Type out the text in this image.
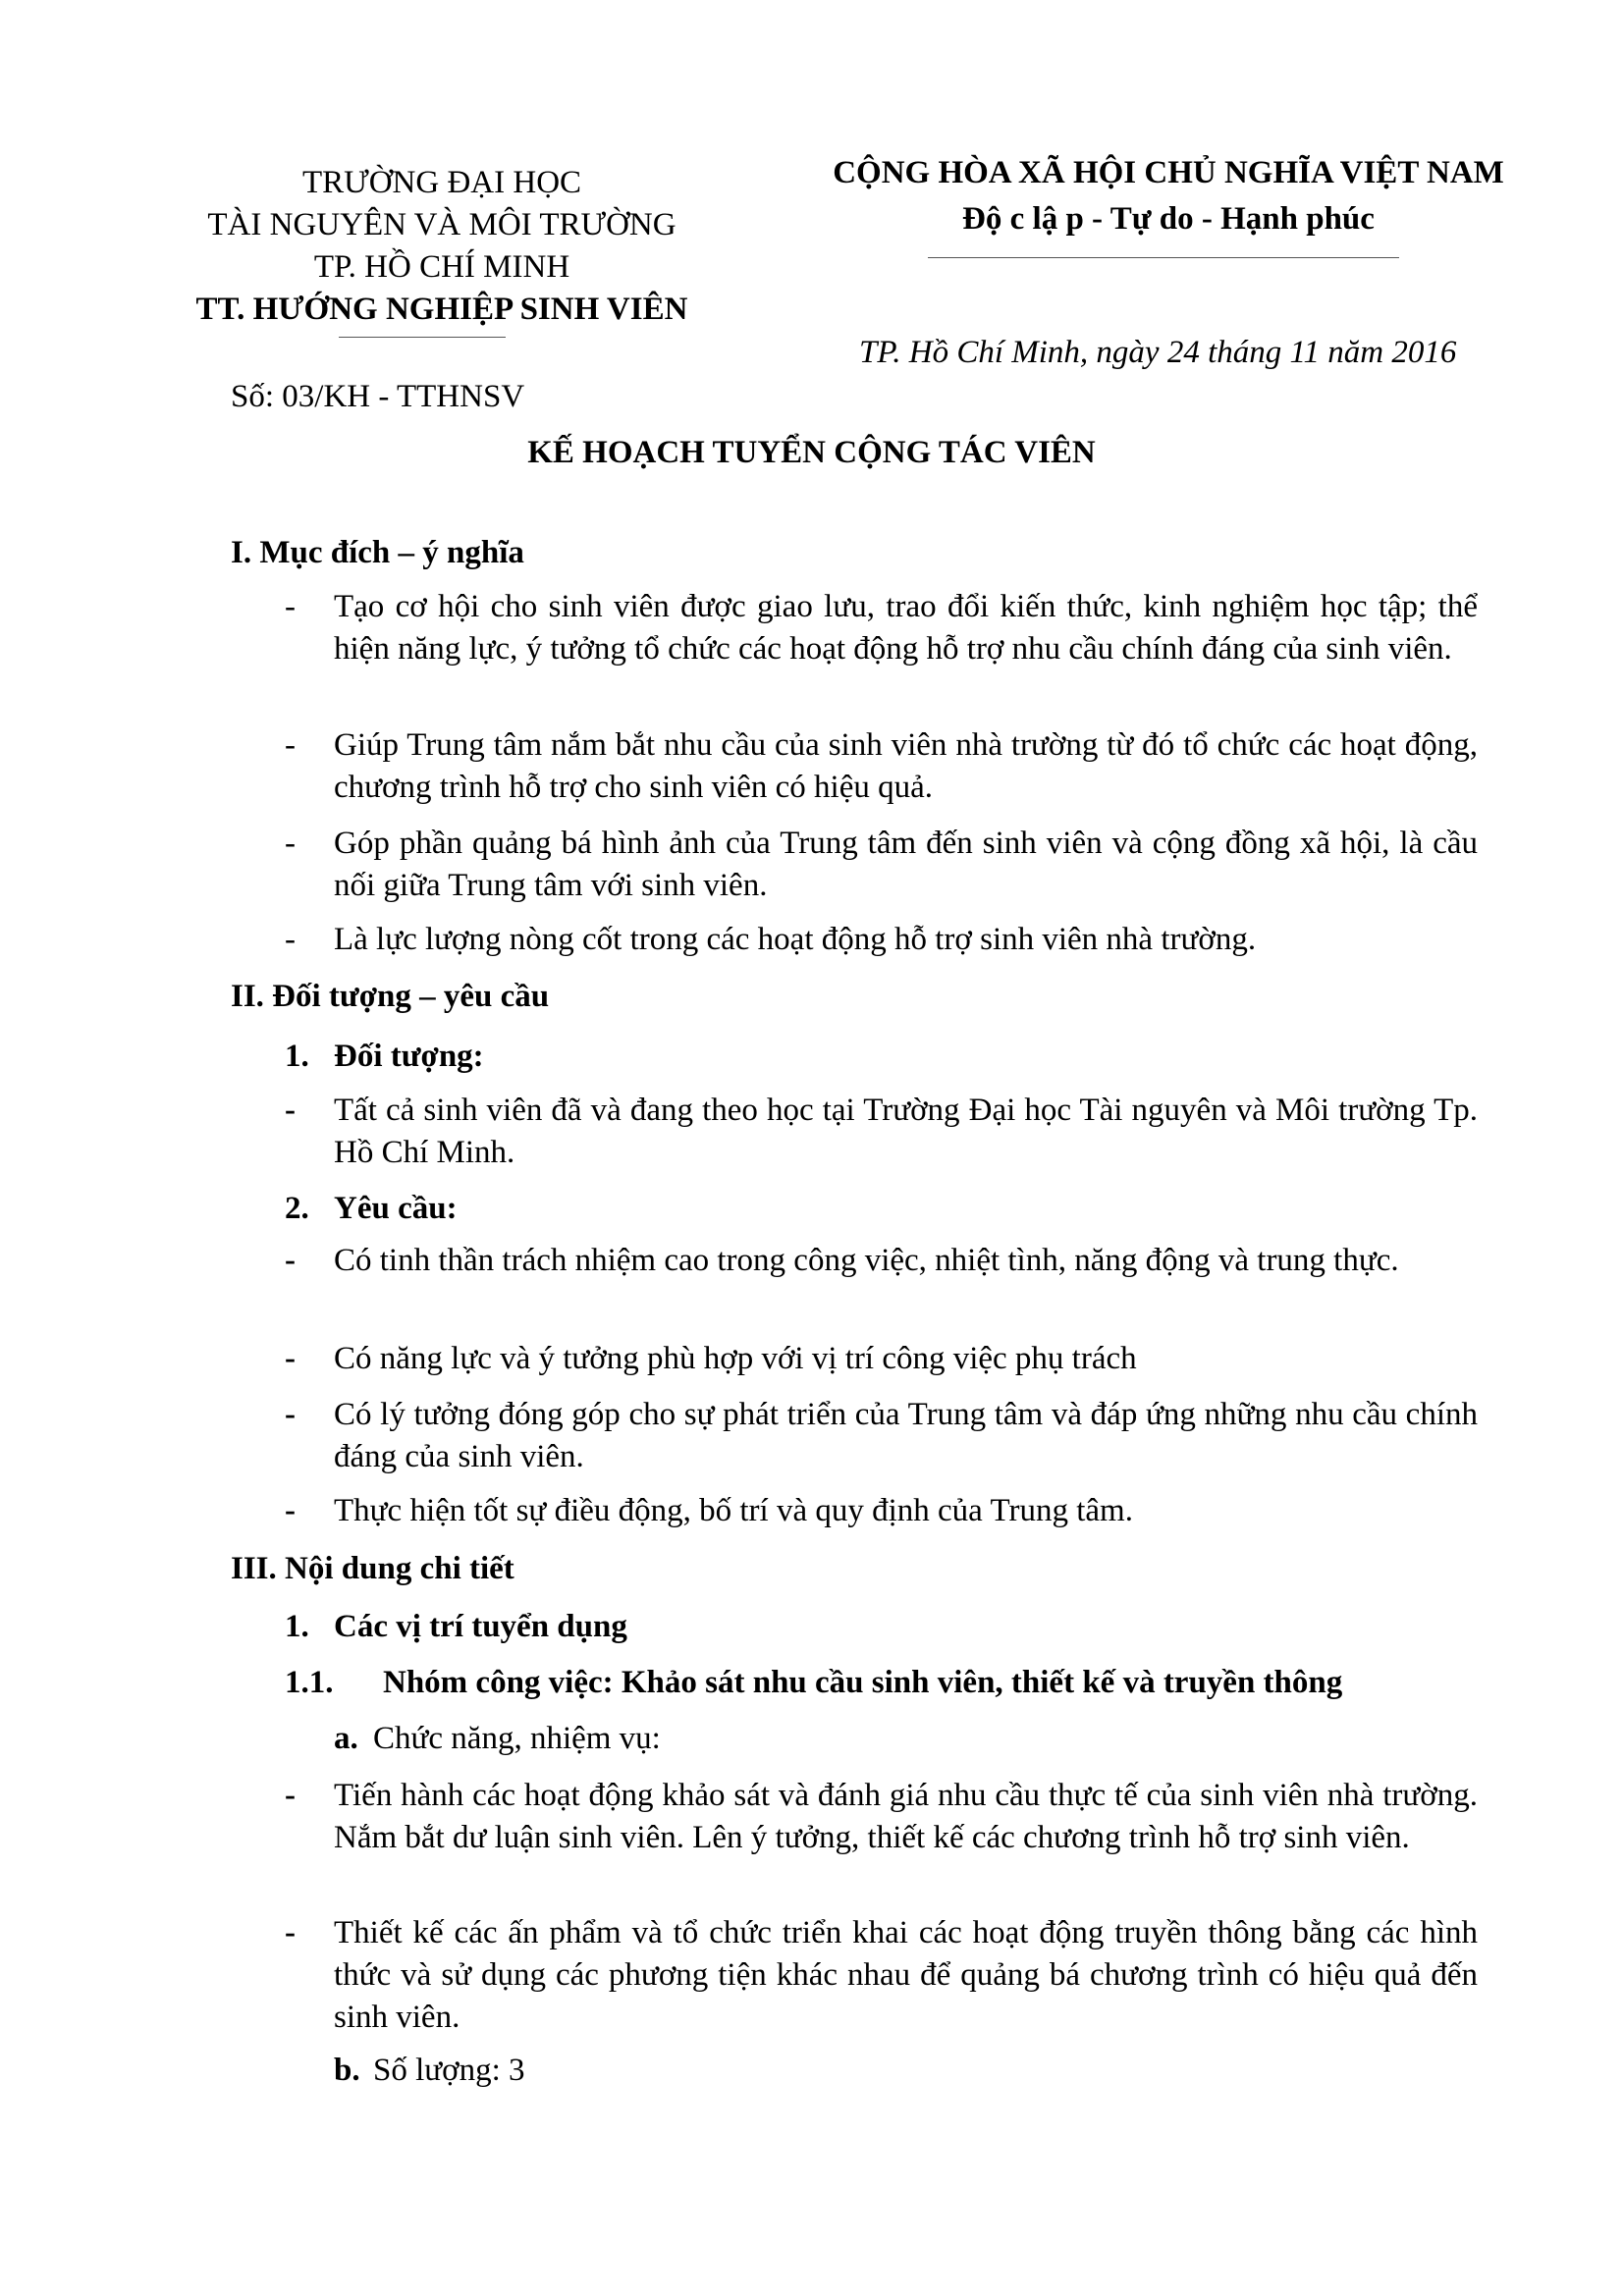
TRƯỜNG ĐẠI HỌC
TÀI NGUYÊN VÀ MÔI TRƯỜNG
TP. HỒ CHÍ MINH
TT. HƯỚNG NGHIỆP SINH VIÊN
CỘNG HÒA XÃ HỘI CHỦ NGHĨA VIỆT NAM
Độ c lậ p - Tự do - Hạnh phúc
TP. Hồ Chí Minh, ngày 24 tháng 11 năm 2016
Số: 03/KH - TTHNSV
KẾ HOẠCH TUYỂN CỘNG TÁC VIÊN
I. Mục đích – ý nghĩa
- Tạo cơ hội cho sinh viên được giao lưu, trao đổi kiến thức, kinh nghiệm học tập; thể hiện năng lực, ý tưởng tổ chức các hoạt động hỗ trợ nhu cầu chính đáng của sinh viên.
- Giúp Trung tâm nắm bắt nhu cầu của sinh viên nhà trường từ đó tổ chức các hoạt động, chương trình hỗ trợ cho sinh viên có hiệu quả.
- Góp phần quảng bá hình ảnh của Trung tâm đến sinh viên và cộng đồng xã hội, là cầu nối giữa Trung tâm với sinh viên.
- Là lực lượng nòng cốt trong các hoạt động hỗ trợ sinh viên nhà trường.
II. Đối tượng – yêu cầu
1. Đối tượng:
- Tất cả sinh viên đã và đang theo học tại Trường Đại học Tài nguyên và Môi trường Tp. Hồ Chí Minh.
2. Yêu cầu:
- Có tinh thần trách nhiệm cao trong công việc, nhiệt tình, năng động và trung thực.
- Có năng lực và ý tưởng phù hợp với vị trí công việc phụ trách
- Có lý tưởng đóng góp cho sự phát triển của Trung tâm và đáp ứng những nhu cầu chính đáng của sinh viên.
- Thực hiện tốt sự điều động, bố trí và quy định của Trung tâm.
III. Nội dung chi tiết
1. Các vị trí tuyển dụng
1.1. Nhóm công việc: Khảo sát nhu cầu sinh viên, thiết kế và truyền thông
a. Chức năng, nhiệm vụ:
- Tiến hành các hoạt động khảo sát và đánh giá nhu cầu thực tế của sinh viên nhà trường. Nắm bắt dư luận sinh viên. Lên ý tưởng, thiết kế các chương trình hỗ trợ sinh viên.
- Thiết kế các ấn phẩm và tổ chức triển khai các hoạt động truyền thông bằng các hình thức và sử dụng các phương tiện khác nhau để quảng bá chương trình có hiệu quả đến sinh viên.
b. Số lượng: 3
